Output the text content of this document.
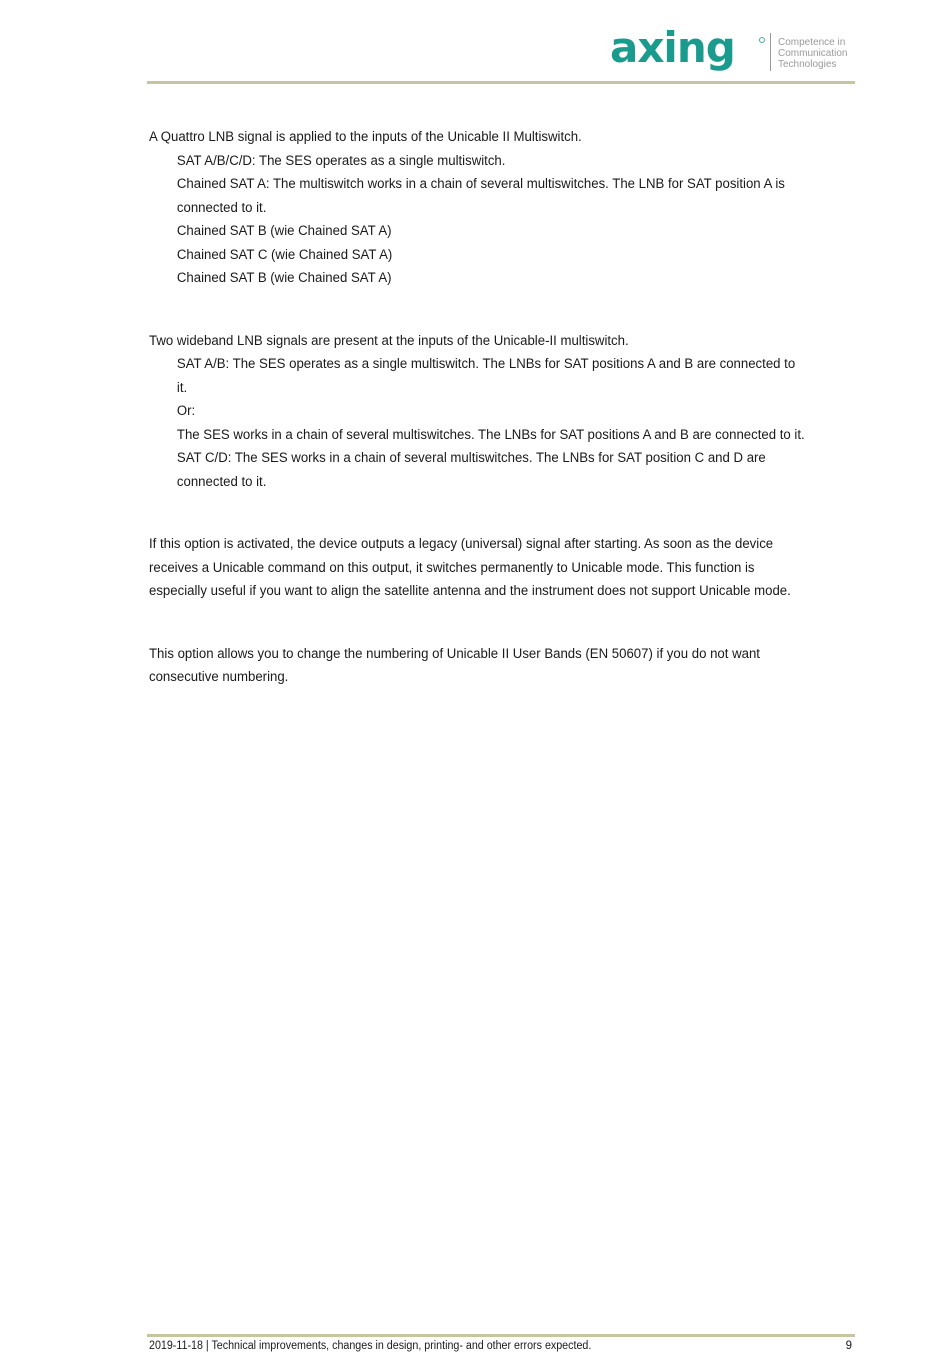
axing	Competence in
Communication
Technologies

A Quattro LNB signal is applied to the inputs of the Unicable II Multiswitch.

SAT A/B/C/D: The SES operates as a single multiswitch.

Chained SAT A: The multiswitch works in a chain of several multiswitches. The LNB for SAT position A is connected to it.

Chained SAT B (wie Chained SAT A)

Chained SAT C (wie Chained SAT A)

Chained SAT B (wie Chained SAT A)

Two wideband LNB signals are present at the inputs of the Unicable-II multiswitch.

SAT A/B: The SES operates as a single multiswitch. The LNBs for SAT positions A and B are connected to it.

Or:

The SES works in a chain of several multiswitches. The LNBs for SAT positions A and B are connected to it.

SAT C/D: The SES works in a chain of several multiswitches. The LNBs for SAT position C and D are connected to it.

If this option is activated, the device outputs a legacy (universal) signal after starting. As soon as the device receives a Unicable command on this output, it switches permanently to Unicable mode. This function is especially useful if you want to align the satellite antenna and the instrument does not support Unicable mode.

This option allows you to change the numbering of Unicable II User Bands (EN 50607) if you do not want consecutive numbering.

2019-11-18 | Technical improvements, changes in design, printing- and other errors expected.	9
